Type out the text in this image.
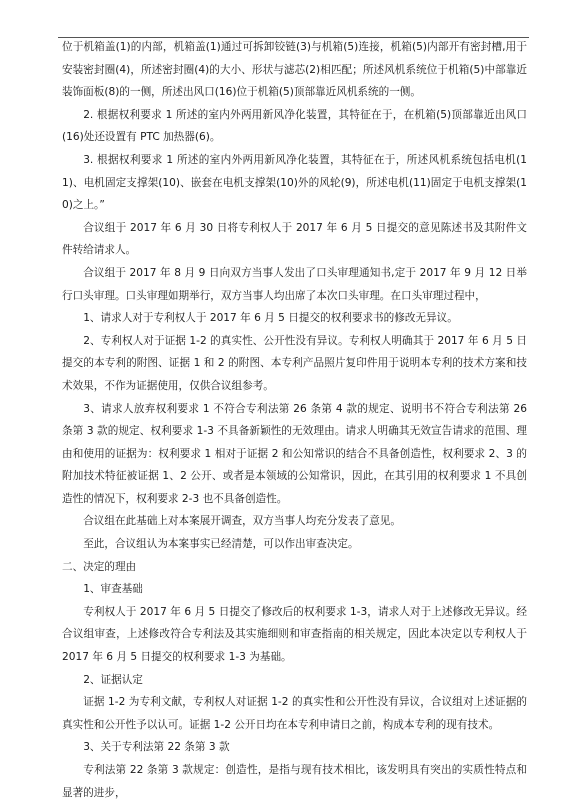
位于机箱盖(1)的内部，机箱盖(1)通过可拆卸铰链(3)与机箱(5)连接，机箱(5)内部开有密封槽,用于安装密封圈(4)，所述密封圈(4)的大小、形状与滤芯(2)相匹配；所述风机系统位于机箱(5)中部靠近装饰面板(8)的一侧，所述出风口(16)位于机箱(5)顶部靠近风机系统的一侧。

2. 根据权利要求 1 所述的室内外两用新风净化装置，其特征在于，在机箱(5)顶部靠近出风口(16)处还设置有 PTC 加热器(6)。

3. 根据权利要求 1 所述的室内外两用新风净化装置，其特征在于，所述风机系统包括电机(11)、电机固定支撑架(10)、嵌套在电机支撑架(10)外的风轮(9)，所述电机(11)固定于电机支撑架(10)之上。”

合议组于 2017 年 6 月 30 日将专利权人于 2017 年 6 月 5 日提交的意见陈述书及其附件文件转给请求人。

合议组于 2017 年 8 月 9 日向双方当事人发出了口头审理通知书,定于 2017 年 9 月 12 日举行口头审理。口头审理如期举行，双方当事人均出席了本次口头审理。在口头审理过程中，

1、请求人对于专利权人于 2017 年 6 月 5 日提交的权利要求书的修改无异议。

2、专利权人对于证据 1-2 的真实性、公开性没有异议。专利权人明确其于 2017 年 6 月 5 日提交的本专利的附图、证据 1 和 2 的附图、本专利产品照片复印件用于说明本专利的技术方案和技术效果，不作为证据使用，仅供合议组参考。

3、请求人放弃权利要求 1 不符合专利法第 26 条第 4 款的规定、说明书不符合专利法第 26 条第 3 款的规定、权利要求 1-3 不具备新颖性的无效理由。请求人明确其无效宣告请求的范围、理由和使用的证据为：权利要求 1 相对于证据 2 和公知常识的结合不具备创造性，权利要求 2、3 的附加技术特征被证据 1、2 公开、或者是本领域的公知常识，因此，在其引用的权利要求 1 不具创造性的情况下，权利要求 2-3 也不具备创造性。

合议组在此基础上对本案展开调查，双方当事人均充分发表了意见。

至此，合议组认为本案事实已经清楚，可以作出审查决定。

二、决定的理由

1、审查基础

专利权人于 2017 年 6 月 5 日提交了修改后的权利要求 1-3，请求人对于上述修改无异议。经合议组审查，上述修改符合专利法及其实施细则和审查指南的相关规定，因此本决定以专利权人于 2017 年 6 月 5 日提交的权利要求 1-3 为基础。

2、证据认定

证据 1-2 为专利文献，专利权人对证据 1-2 的真实性和公开性没有异议，合议组对上述证据的真实性和公开性予以认可。证据 1-2 公开日均在本专利申请日之前，构成本专利的现有技术。

3、关于专利法第 22 条第 3 款

专利法第 22 条第 3 款规定：创造性，是指与现有技术相比，该发明具有突出的实质性特点和显著的进步，
